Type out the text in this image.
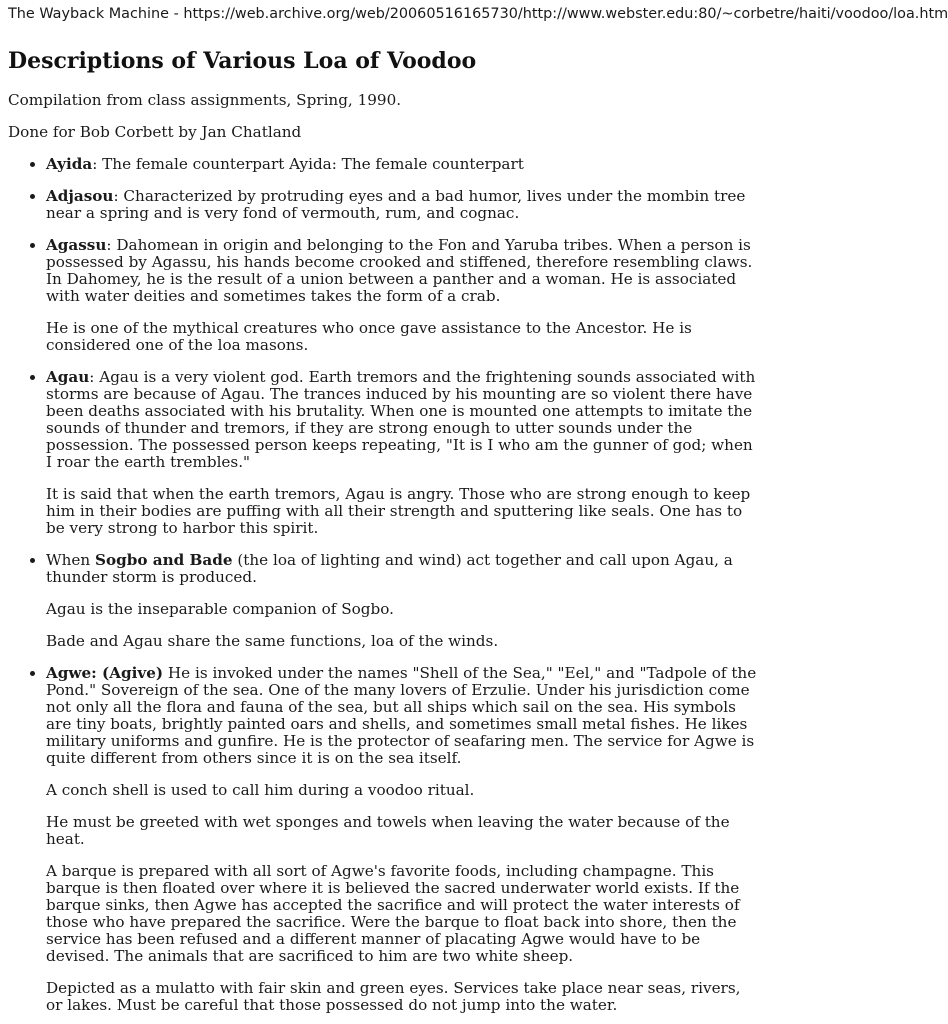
The Wayback Machine - https://web.archive.org/web/20060516165730/http://www.webster.edu:80/~corbetre/haiti/voodoo/loa.htm
Descriptions of Various Loa of Voodoo

Compilation from class assignments, Spring, 1990.

Done for Bob Corbett by Jan Chatland

• Ayida: The female counterpart Ayida: The female counterpart

• Adjasou: Characterized by protruding eyes and a bad humor, lives under the mombin tree near a spring and is very fond of vermouth, rum, and cognac.

• Agassu: Dahomean in origin and belonging to the Fon and Yaruba tribes. When a person is possessed by Agassu, his hands become crooked and stiffened, therefore resembling claws. In Dahomey, he is the result of a union between a panther and a woman. He is associated with water deities and sometimes takes the form of a crab.

He is one of the mythical creatures who once gave assistance to the Ancestor. He is considered one of the loa masons.

• Agau: Agau is a very violent god. Earth tremors and the frightening sounds associated with storms are because of Agau. The trances induced by his mounting are so violent there have been deaths associated with his brutality. When one is mounted one attempts to imitate the sounds of thunder and tremors, if they are strong enough to utter sounds under the possession. The possessed person keeps repeating, "It is I who am the gunner of god; when I roar the earth trembles."

It is said that when the earth tremors, Agau is angry. Those who are strong enough to keep him in their bodies are puffing with all their strength and sputtering like seals. One has to be very strong to harbor this spirit.

• When Sogbo and Bade (the loa of lighting and wind) act together and call upon Agau, a thunder storm is produced.

Agau is the inseparable companion of Sogbo.

Bade and Agau share the same functions, loa of the winds.

• Agwe: (Agive) He is invoked under the names "Shell of the Sea," "Eel," and "Tadpole of the Pond." Sovereign of the sea. One of the many lovers of Erzulie. Under his jurisdiction come not only all the flora and fauna of the sea, but all ships which sail on the sea. His symbols are tiny boats, brightly painted oars and shells, and sometimes small metal fishes. He likes military uniforms and gunfire. He is the protector of seafaring men. The service for Agwe is quite different from others since it is on the sea itself.

A conch shell is used to call him during a voodoo ritual.

He must be greeted with wet sponges and towels when leaving the water because of the heat.

A barque is prepared with all sort of Agwe's favorite foods, including champagne. This barque is then floated over where it is believed the sacred underwater world exists. If the barque sinks, then Agwe has accepted the sacrifice and will protect the water interests of those who have prepared the sacrifice. Were the barque to float back into shore, then the service has been refused and a different manner of placating Agwe would have to be devised. The animals that are sacrificed to him are two white sheep.

Depicted as a mulatto with fair skin and green eyes. Services take place near seas, rivers, or lakes. Must be careful that those possessed do not jump into the water.
